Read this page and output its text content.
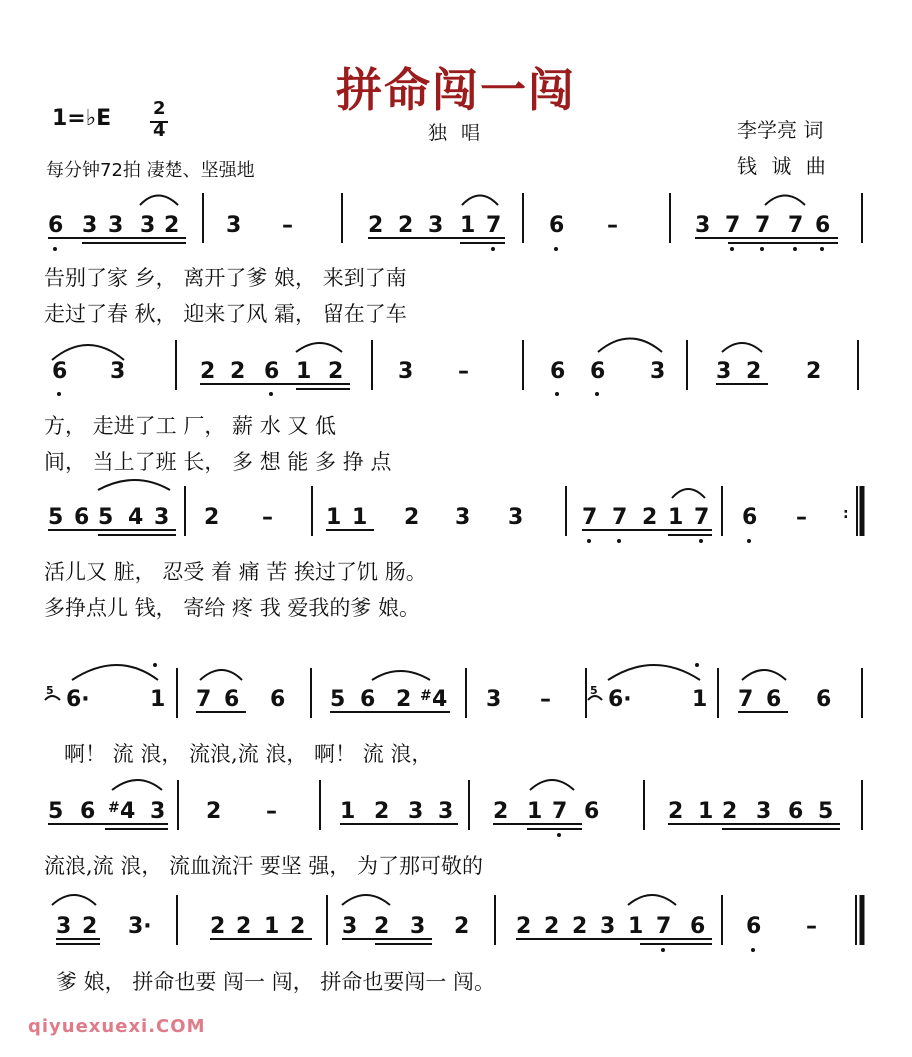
拼命闯一闯
1=♭E 2
4	独 唱	李学亮 词
钱 诚 曲
每分钟72拍 凄楚、坚强地
6 3 3 3 2 3 –	2 2 3 1 7 6 –	3 7 7 7 6
6 3	2 2 6 1 2 3 –	6 6 3 3 2 2
5 6 5 4 3 2 – 1 1 2 3 3	7 7 2 1 7 6 –	:
5 6·	1 7 6 6 5 6 2 # 4 3 –	5 6·	1 7 6 6
5 6 # 4 3 2 –	1 2 3 3 2 1 7 6	2 1 2 3 6 5
3 2 3·	2 2 1 2 3 2 3 2 2 2 2 3 1 7 6 6 –
告别了家 乡， 离开了爹 娘， 来到了南
走过了春 秋， 迎来了风 霜， 留在了车
方， 走进了工 厂， 薪 水 又 低
间， 当上了班 长， 多 想 能 多 挣 点
活儿又 脏， 忍受 着 痛 苦 挨过了饥 肠。
多挣点儿 钱， 寄给 疼 我 爱我的爹 娘。
啊！ 流 浪， 流浪,流 浪， 啊！ 流 浪，
流浪,流 浪， 流血流汗 要坚 强， 为了那可敬的
爹 娘， 拼命也要 闯一 闯， 拼命也要闯一 闯。
qiyuexuexi.COM
